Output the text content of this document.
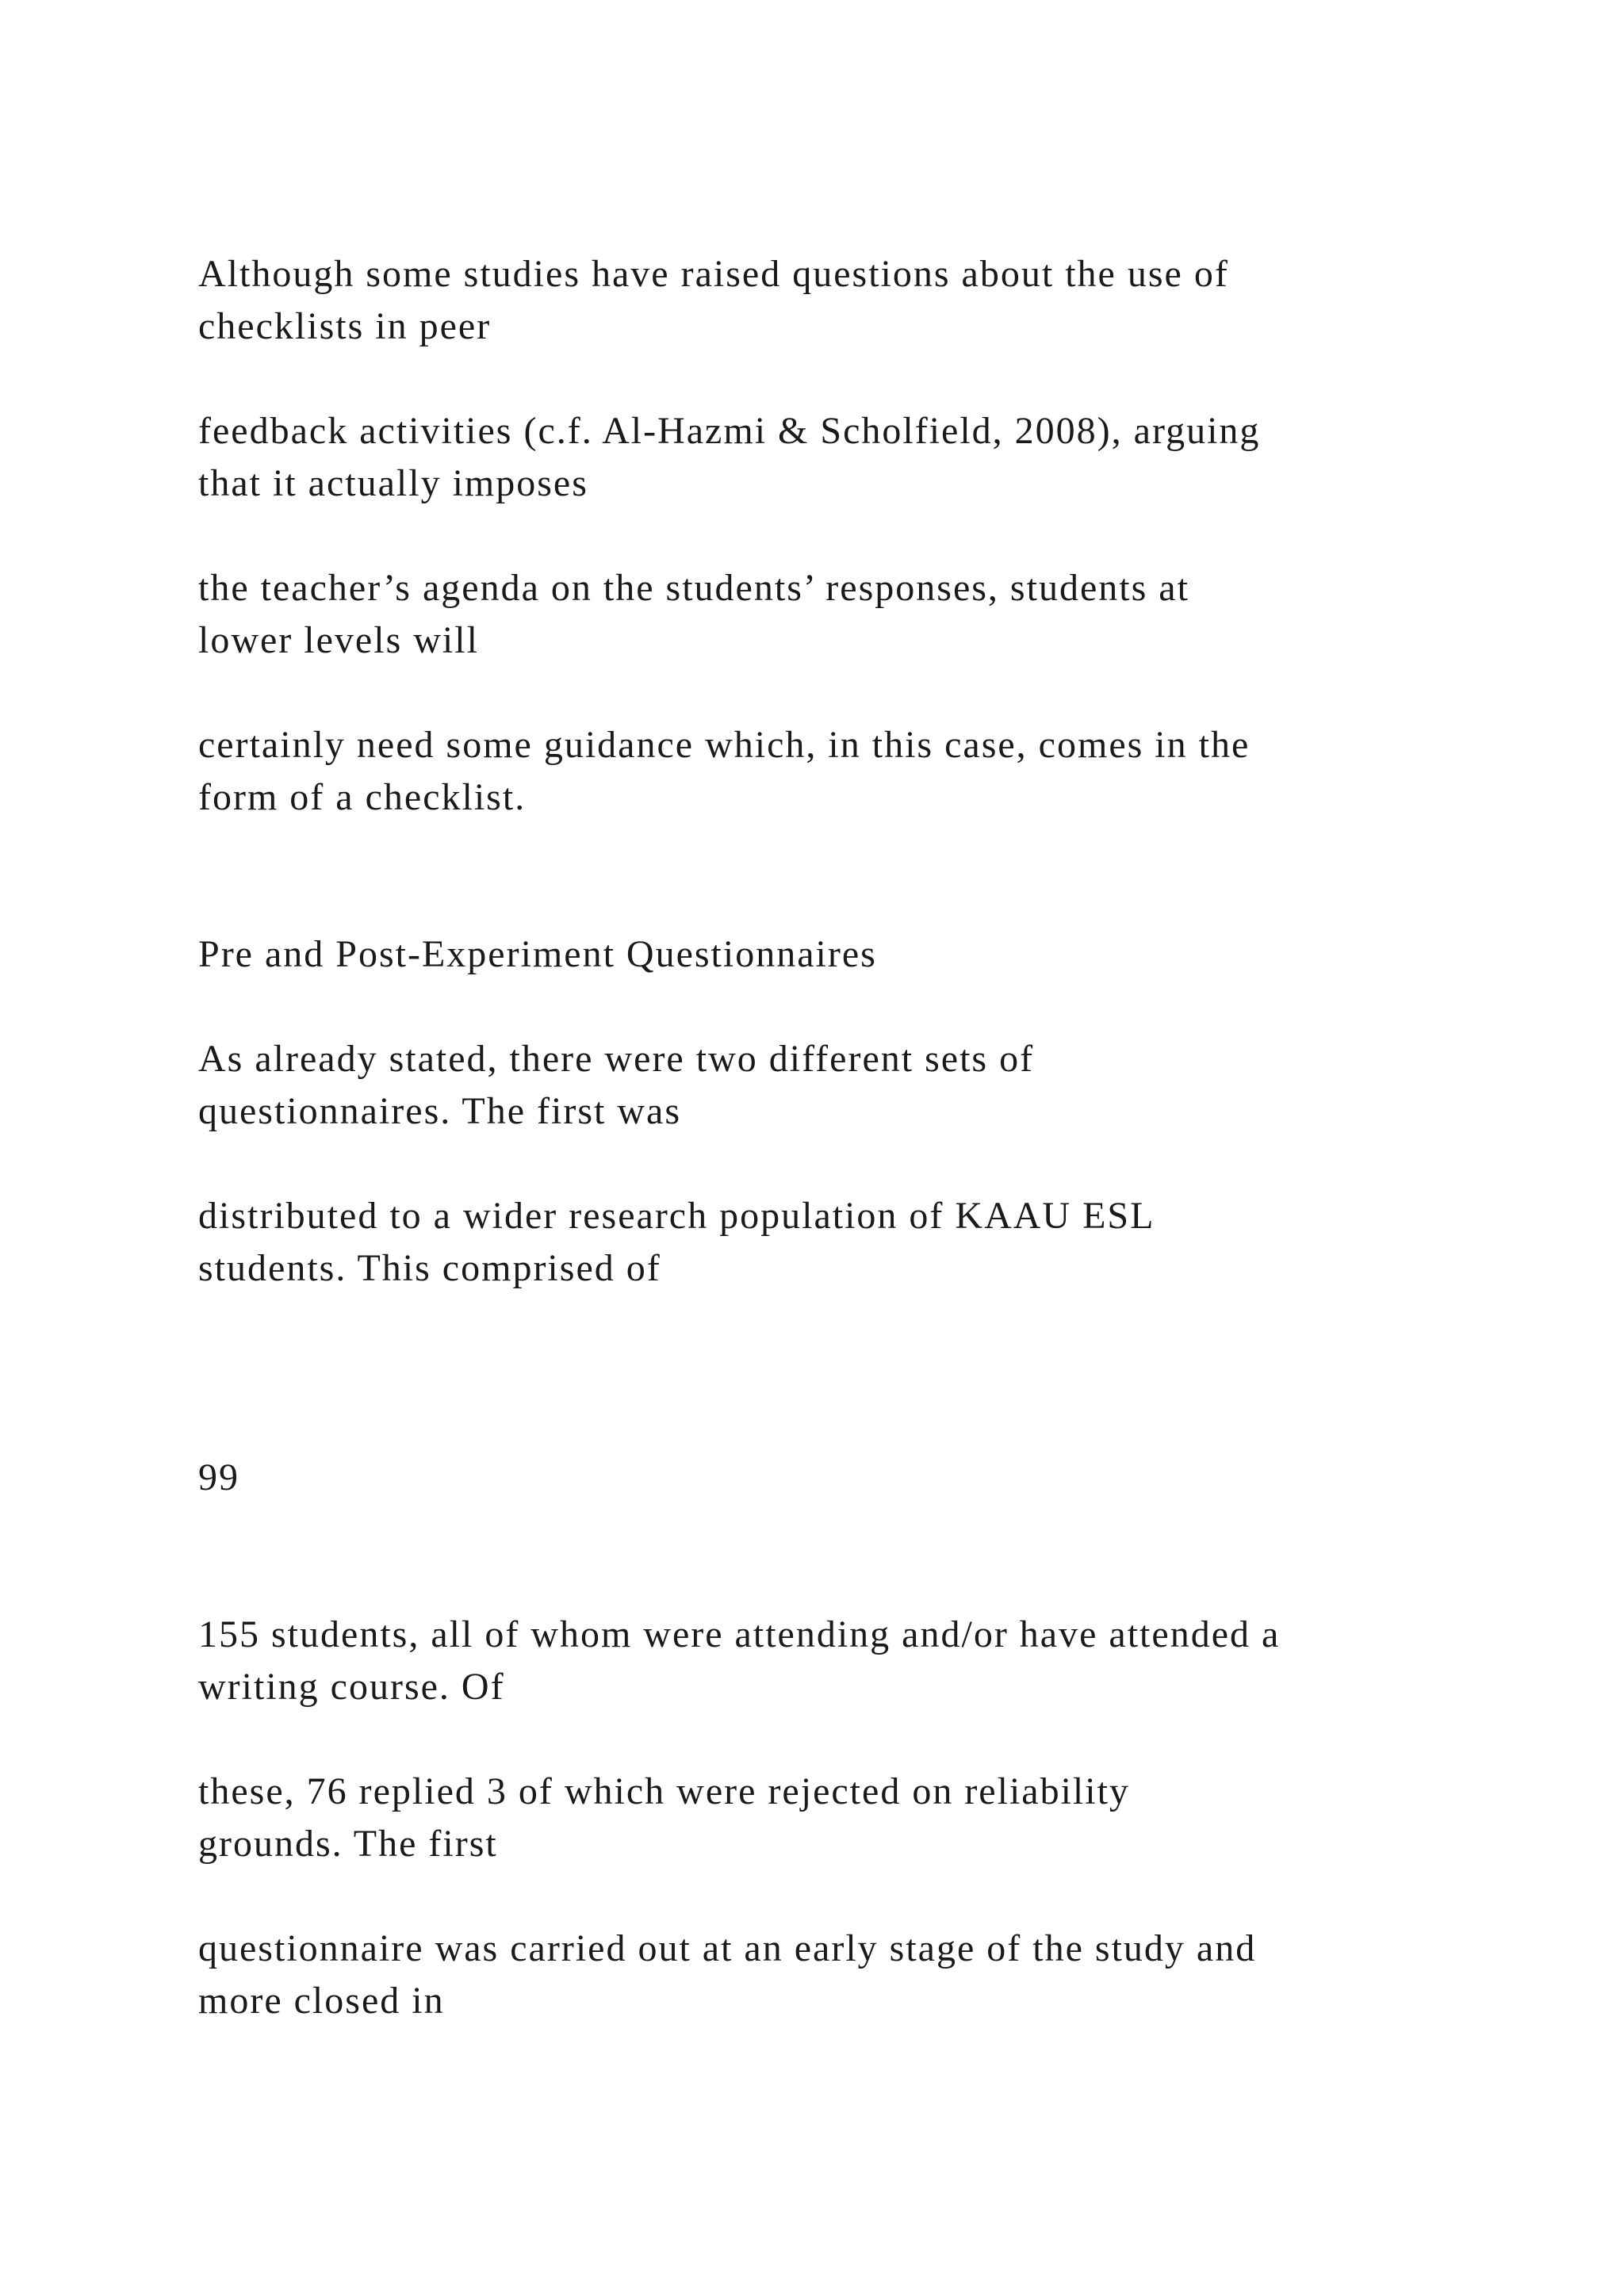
Although some studies have raised questions about the use of
checklists in peer

feedback activities (c.f. Al-Hazmi & Scholfield, 2008), arguing
that it actually imposes

the teacher’s agenda on the students’ responses, students at
lower levels will

certainly need some guidance which, in this case, comes in the
form of a checklist.

Pre and Post-Experiment Questionnaires

As already stated, there were two different sets of
questionnaires. The first was

distributed to a wider research population of KAAU ESL
students. This comprised of

99

155 students, all of whom were attending and/or have attended a
writing course. Of

these, 76 replied 3 of which were rejected on reliability
grounds. The first

questionnaire was carried out at an early stage of the study and
more closed in
